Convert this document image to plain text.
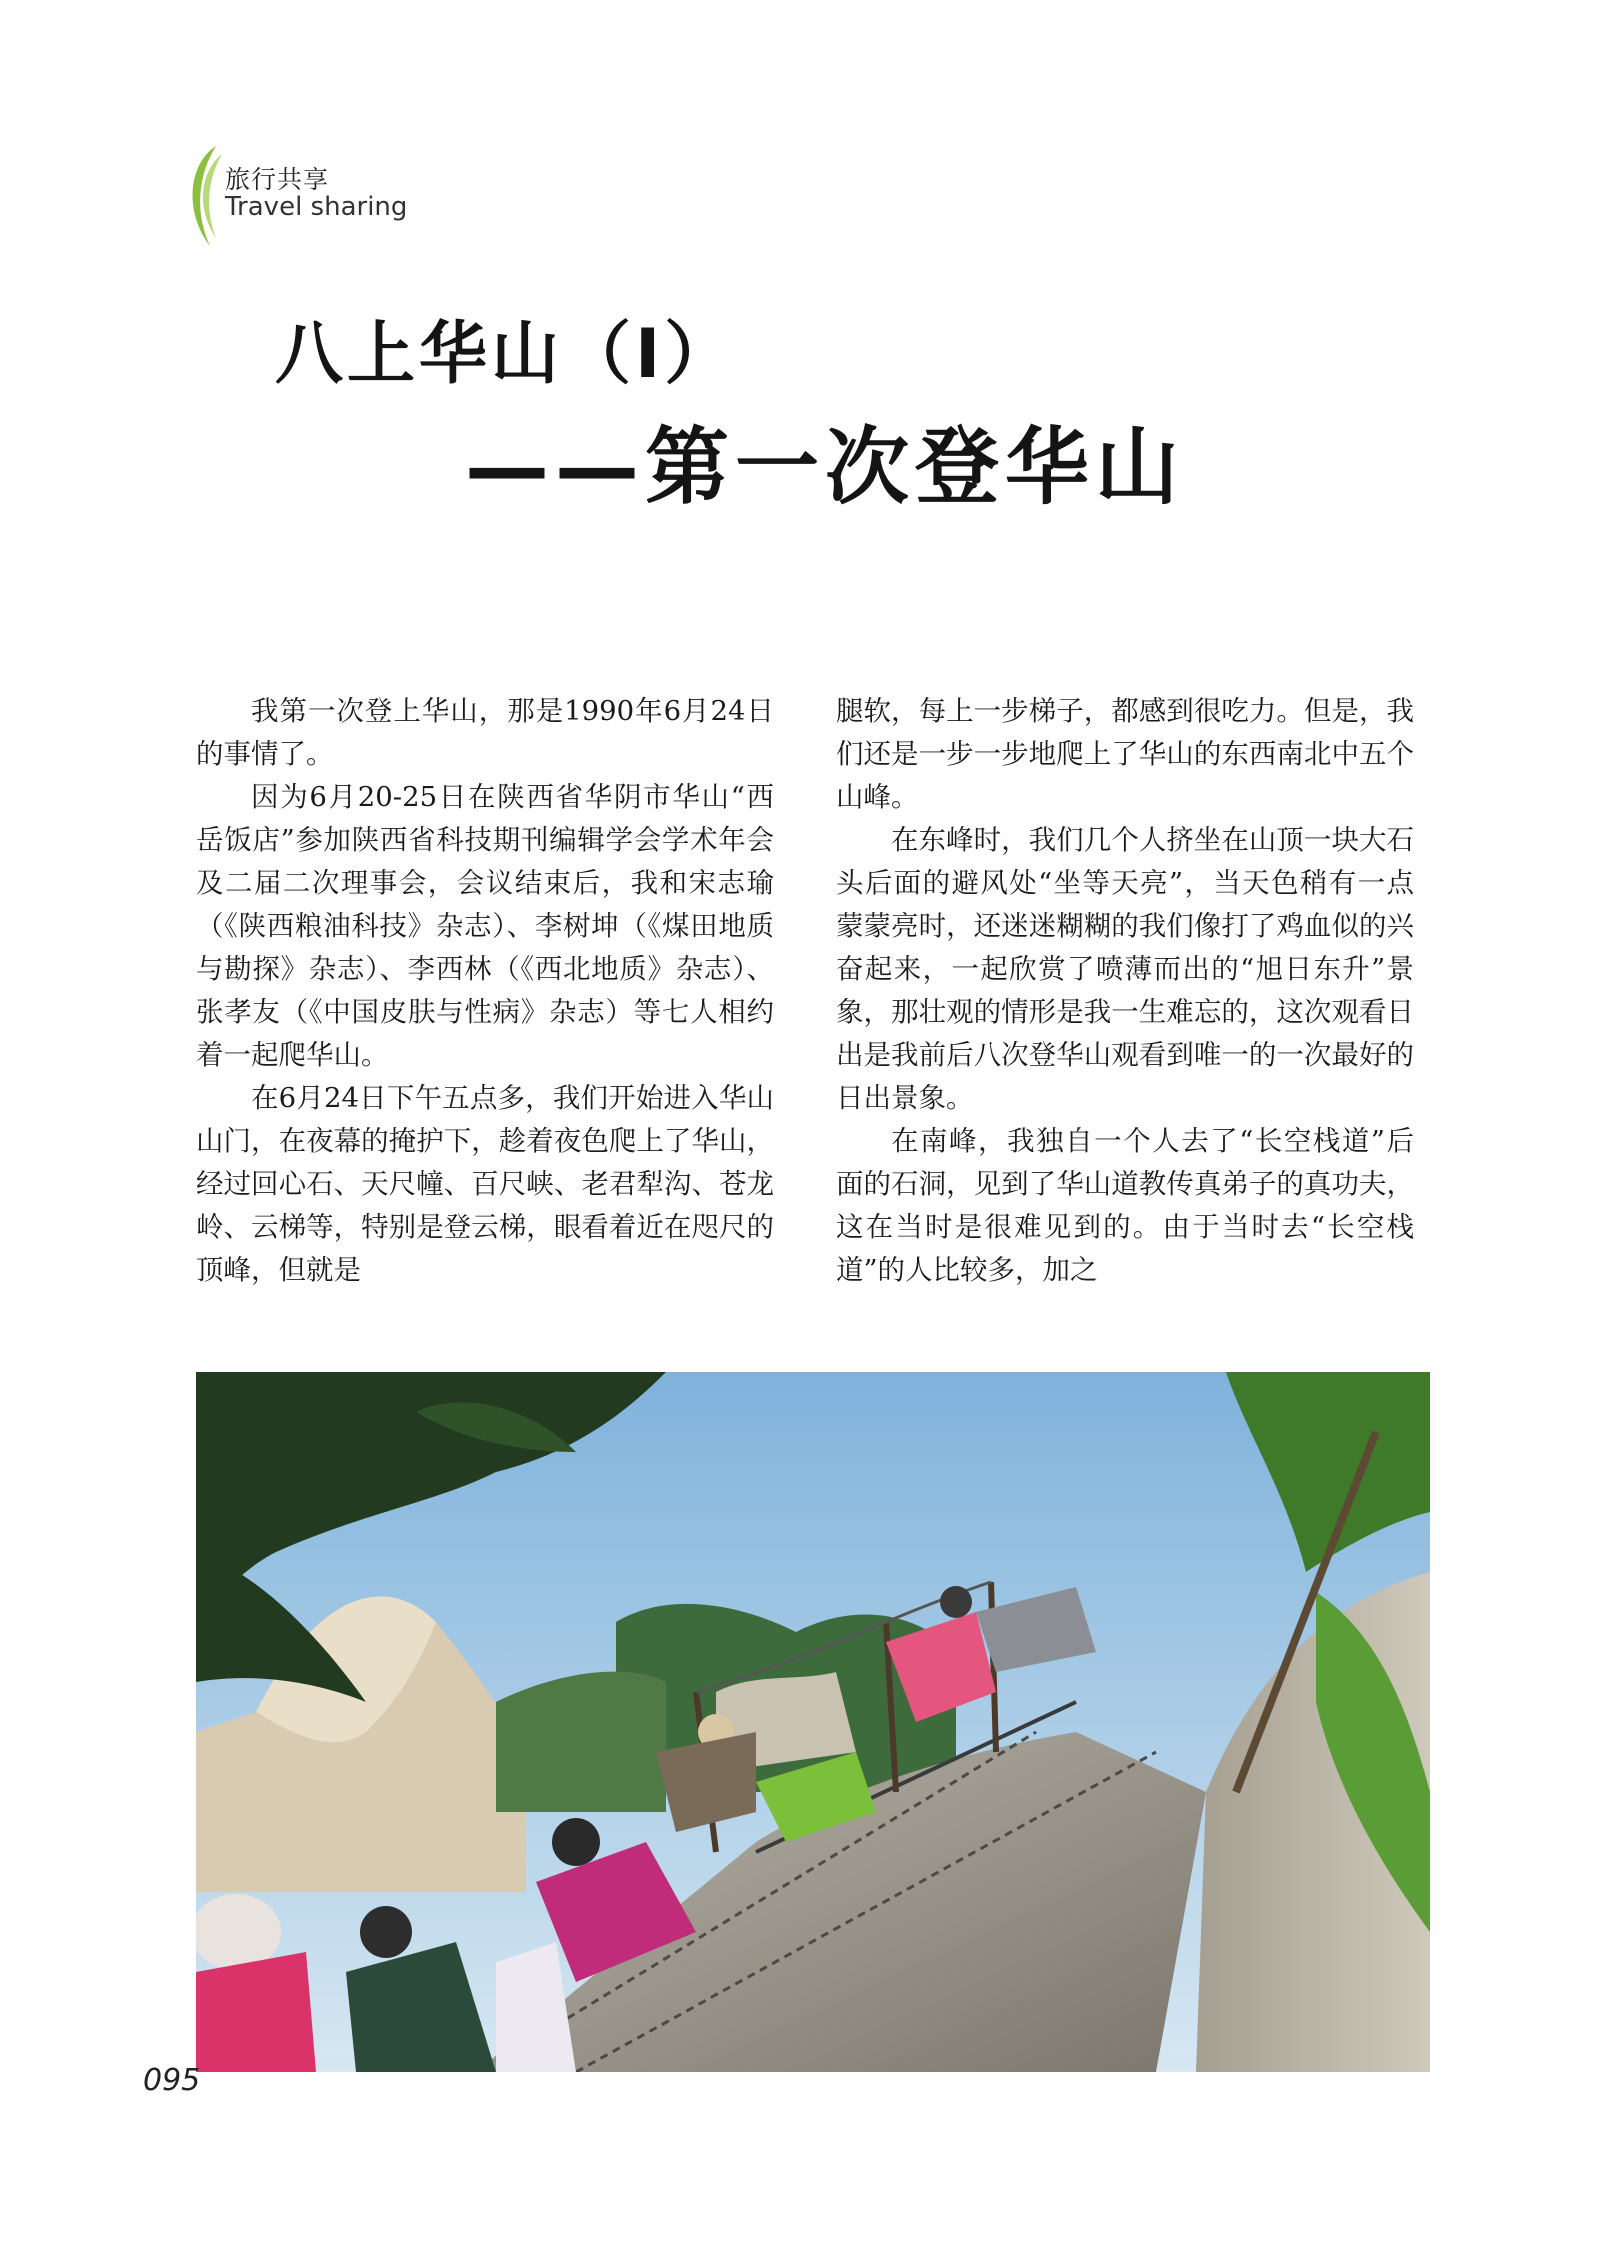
旅行共享
Travel sharing
八上华山（I）
——第一次登华山

我第一次登上华山，那是1990年6月24日的事情了。

因为6月20-25日在陕西省华阴市华山“西岳饭店”参加陕西省科技期刊编辑学会学术年会及二届二次理事会，会议结束后，我和宋志瑜（《陕西粮油科技》杂志）、李树坤（《煤田地质与勘探》杂志）、李西林（《西北地质》杂志）、张孝友（《中国皮肤与性病》杂志）等七人相约着一起爬华山。

在6月24日下午五点多，我们开始进入华山山门，在夜幕的掩护下，趁着夜色爬上了华山，经过回心石、天尺幢、百尺峡、老君犁沟、苍龙岭、云梯等，特别是登云梯，眼看着近在咫尺的顶峰，但就是

腿软，每上一步梯子，都感到很吃力。但是，我们还是一步一步地爬上了华山的东西南北中五个山峰。

在东峰时，我们几个人挤坐在山顶一块大石头后面的避风处“坐等天亮”，当天色稍有一点蒙蒙亮时，还迷迷糊糊的我们像打了鸡血似的兴奋起来，一起欣赏了喷薄而出的“旭日东升”景象，那壮观的情形是我一生难忘的，这次观看日出是我前后八次登华山观看到唯一的一次最好的日出景象。

在南峰，我独自一个人去了“长空栈道”后面的石洞，见到了华山道教传真弟子的真功夫，这在当时是很难见到的。由于当时去“长空栈道”的人比较多，加之

095
